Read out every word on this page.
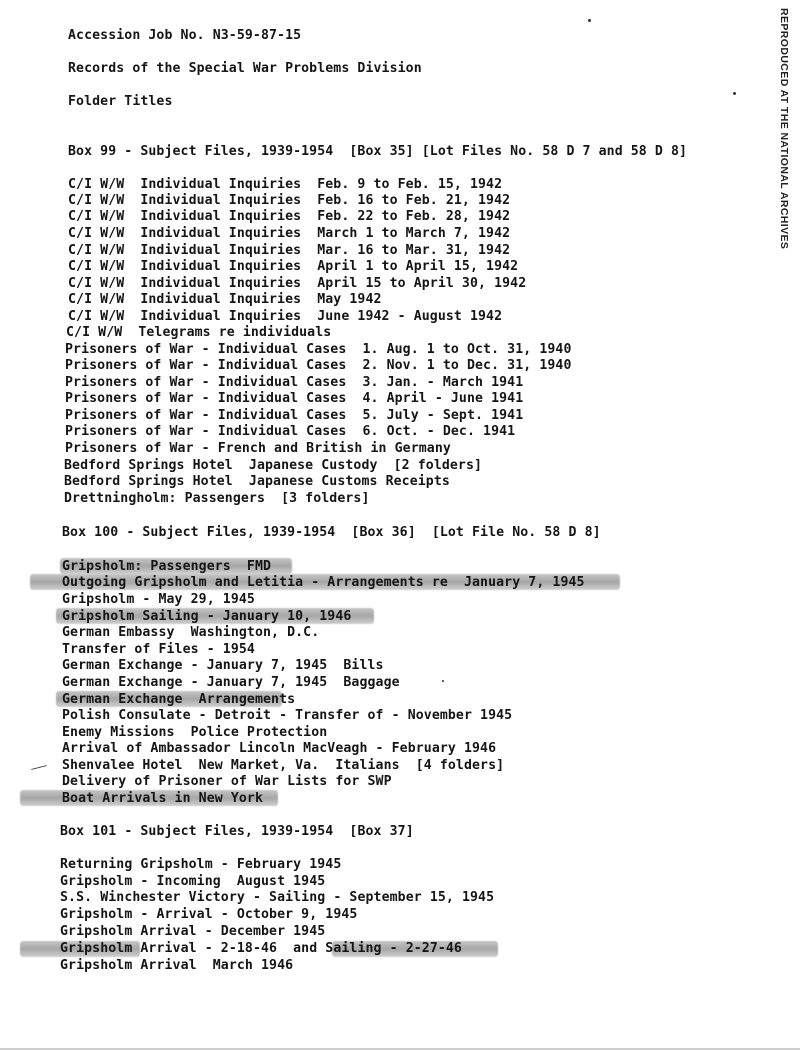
REPRODUCED AT THE NATIONAL ARCHIVES
Accession Job No. N3-59-87-15
Records of the Special War Problems Division
Folder Titles
Box 99 - Subject Files, 1939-1954  [Box 35] [Lot Files No. 58 D 7 and 58 D 8]
C/I W/W  Individual Inquiries  Feb. 9 to Feb. 15, 1942
C/I W/W  Individual Inquiries  Feb. 16 to Feb. 21, 1942
C/I W/W  Individual Inquiries  Feb. 22 to Feb. 28, 1942
C/I W/W  Individual Inquiries  March 1 to March 7, 1942
C/I W/W  Individual Inquiries  Mar. 16 to Mar. 31, 1942
C/I W/W  Individual Inquiries  April 1 to April 15, 1942
C/I W/W  Individual Inquiries  April 15 to April 30, 1942
C/I W/W  Individual Inquiries  May 1942
C/I W/W  Individual Inquiries  June 1942 - August 1942
C/I W/W  Telegrams re individuals
Prisoners of War - Individual Cases  1. Aug. 1 to Oct. 31, 1940
Prisoners of War - Individual Cases  2. Nov. 1 to Dec. 31, 1940
Prisoners of War - Individual Cases  3. Jan. - March 1941
Prisoners of War - Individual Cases  4. April - June 1941
Prisoners of War - Individual Cases  5. July - Sept. 1941
Prisoners of War - Individual Cases  6. Oct. - Dec. 1941
Prisoners of War - French and British in Germany
Bedford Springs Hotel  Japanese Custody  [2 folders]
Bedford Springs Hotel  Japanese Customs Receipts
Drettningholm: Passengers  [3 folders]
Box 100 - Subject Files, 1939-1954  [Box 36]  [Lot File No. 58 D 8]
Gripsholm: Passengers  FMD
Outgoing Gripsholm and Letitia - Arrangements re  January 7, 1945
Gripsholm - May 29, 1945
Gripsholm Sailing - January 10, 1946
German Embassy  Washington, D.C.
Transfer of Files - 1954
German Exchange - January 7, 1945  Bills
German Exchange - January 7, 1945  Baggage
German Exchange  Arrangements
Polish Consulate - Detroit - Transfer of - November 1945
Enemy Missions  Police Protection
Arrival of Ambassador Lincoln MacVeagh - February 1946
Shenvalee Hotel  New Market, Va.  Italians  [4 folders]
Delivery of Prisoner of War Lists for SWP
Boat Arrivals in New York
Box 101 - Subject Files, 1939-1954  [Box 37]
Returning Gripsholm - February 1945
Gripsholm - Incoming  August 1945
S.S. Winchester Victory - Sailing - September 15, 1945
Gripsholm - Arrival - October 9, 1945
Gripsholm Arrival - December 1945
Gripsholm Arrival - 2-18-46  and Sailing - 2-27-46
Gripsholm Arrival  March 1946
